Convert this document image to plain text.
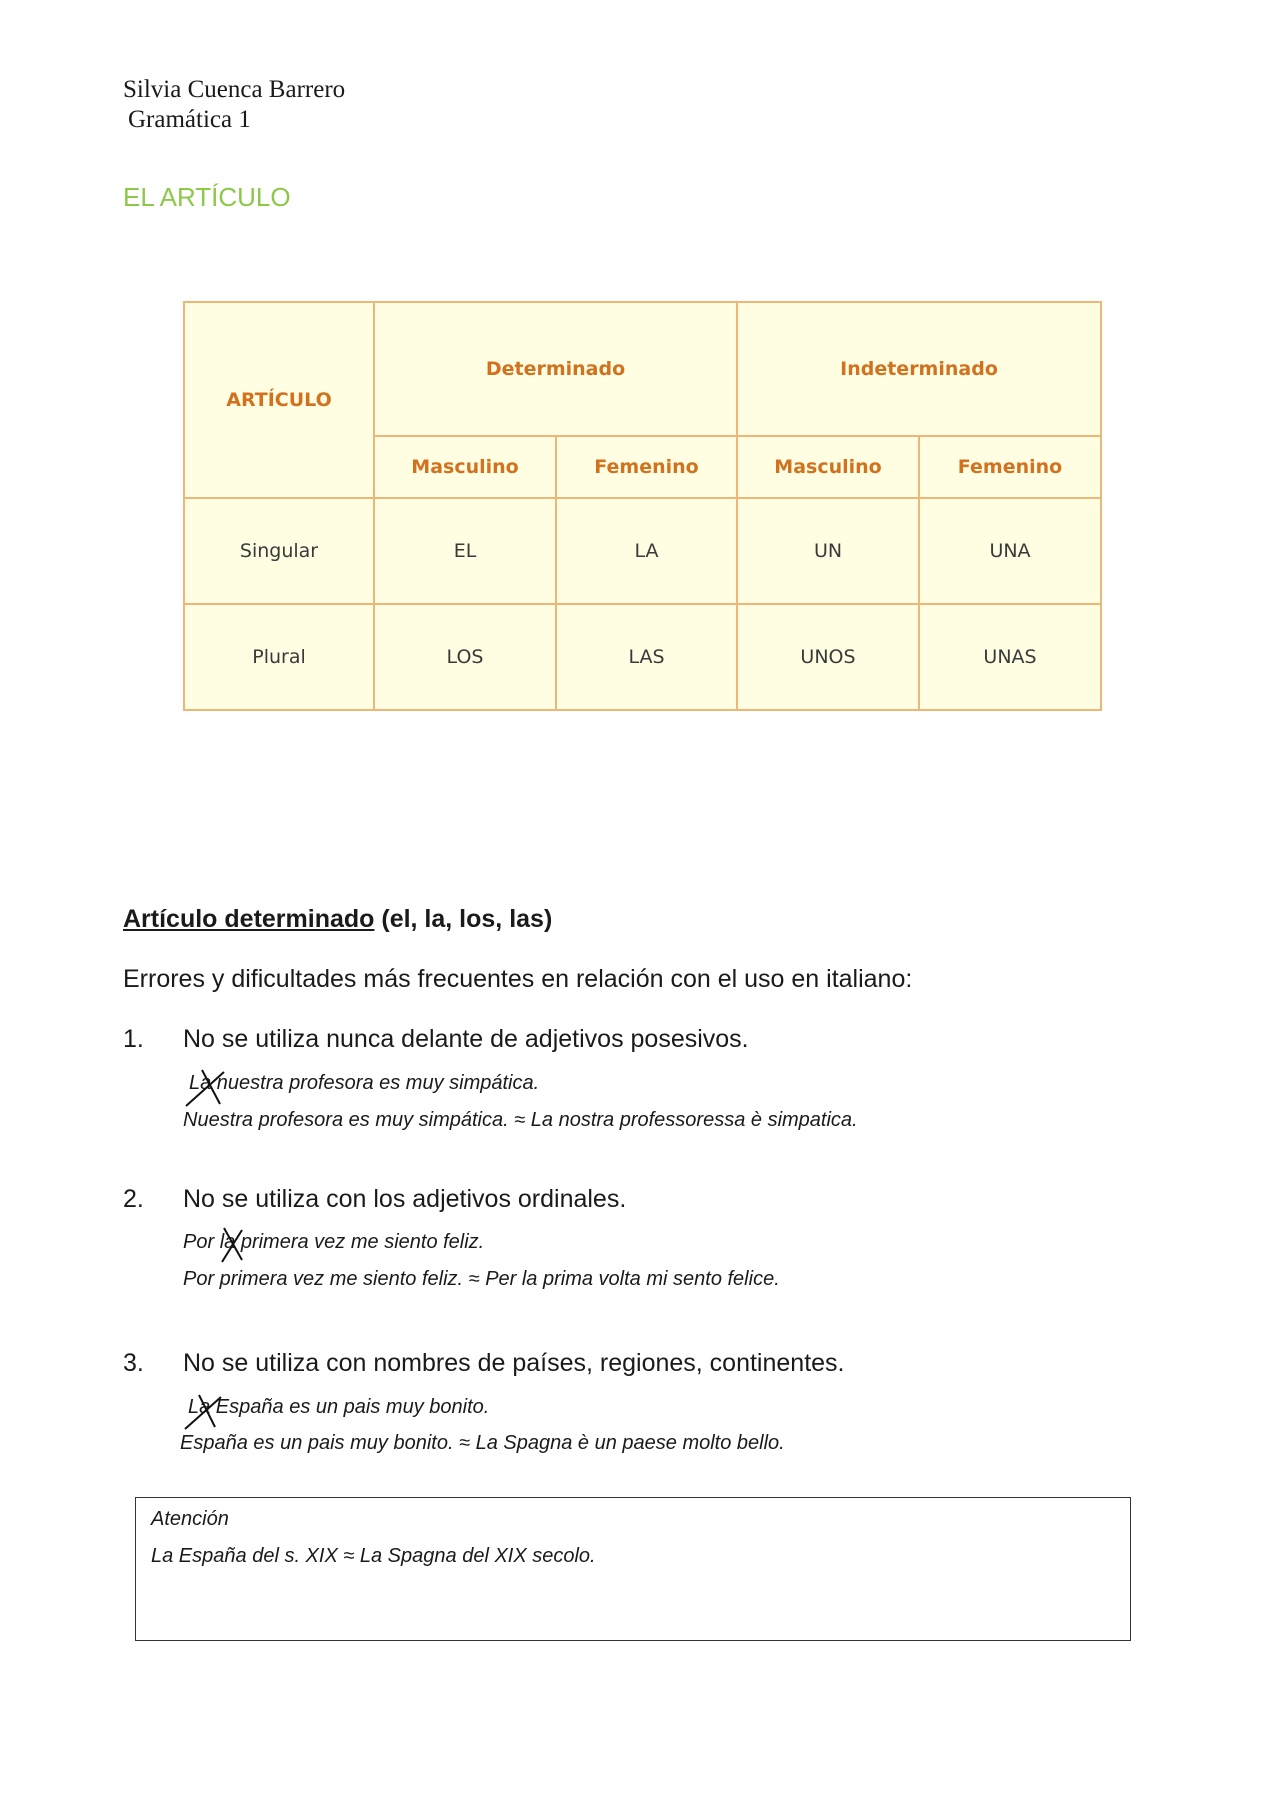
Silvia Cuenca Barrero
Gramática 1
EL ARTÍCULO
ARTÍCULO	Determinado		Indeterminado	
	Masculino	Femenino	Masculino	Femenino
Singular	EL	LA	UN	UNA
Plural	LOS	LAS	UNOS	UNAS
Artículo determinado (el, la, los, las)
Errores y dificultades más frecuentes en relación con el uso en italiano:
1. No se utiliza nunca delante de adjetivos posesivos.
La nuestra profesora es muy simpática.
Nuestra profesora es muy simpática. ≈ La nostra professoressa è simpatica.
2. No se utiliza con los adjetivos ordinales.
Por la primera vez me siento feliz.
Por primera vez me siento feliz. ≈ Per la prima volta mi sento felice.
3. No se utiliza con nombres de países, regiones, continentes.
La España es un pais muy bonito.
España es un pais muy bonito. ≈ La Spagna è un paese molto bello.
Atención
La España del s. XIX ≈ La Spagna del XIX secolo.
